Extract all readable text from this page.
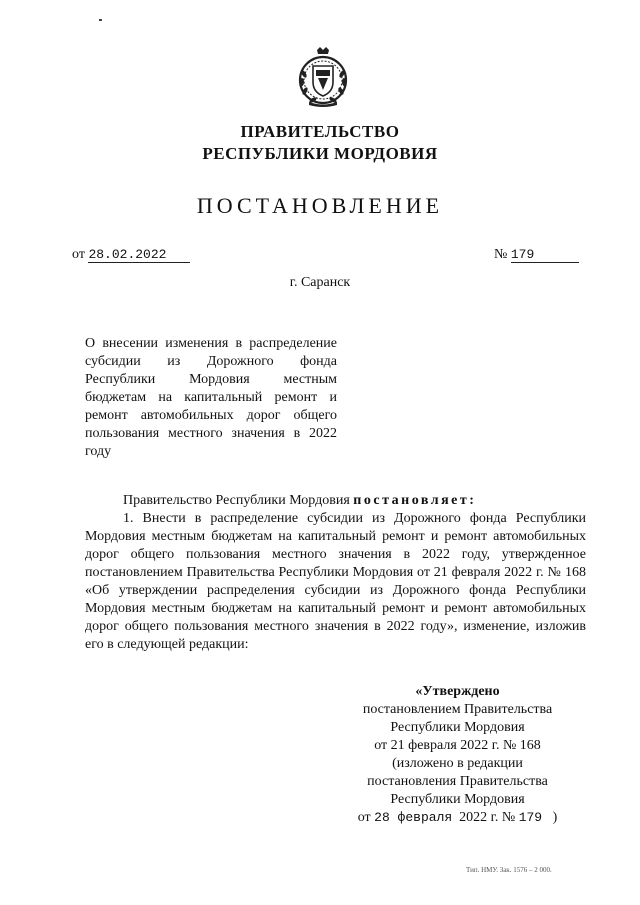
ПРАВИТЕЛЬСТВО
РЕСПУБЛИКИ МОРДОВИЯ
ПОСТАНОВЛЕНИЕ
от 28.02.2022	№ 179
г. Саранск
О внесении изменения в распределение субсидии из Дорожного фонда Республики Мордовия местным бюджетам на капитальный ремонт и ремонт автомобильных дорог общего пользования местного значения в 2022 году

Правительство Республики Мордовия постановляет:

1. Внести в распределение субсидии из Дорожного фонда Республики Мордовия местным бюджетам на капитальный ремонт и ремонт автомобильных дорог общего пользования местного значения в 2022 году, утвержденное постановлением Правительства Республики Мордовия от 21 февраля 2022 г. № 168 «Об утверждении распределения субсидии из Дорожного фонда Республики Мордовия местным бюджетам на капитальный ремонт и ремонт автомобильных дорог общего пользования местного значения в 2022 году», изменение, изложив его в следующей редакции:

«Утверждено
постановлением Правительства
Республики Мордовия
от 21 февраля 2022 г. № 168
(изложено в редакции
постановления Правительства
Республики Мордовия
от 28 февраля 2022 г. № 179 )
Тип. НМУ. Зак. 1576 – 2 000.
